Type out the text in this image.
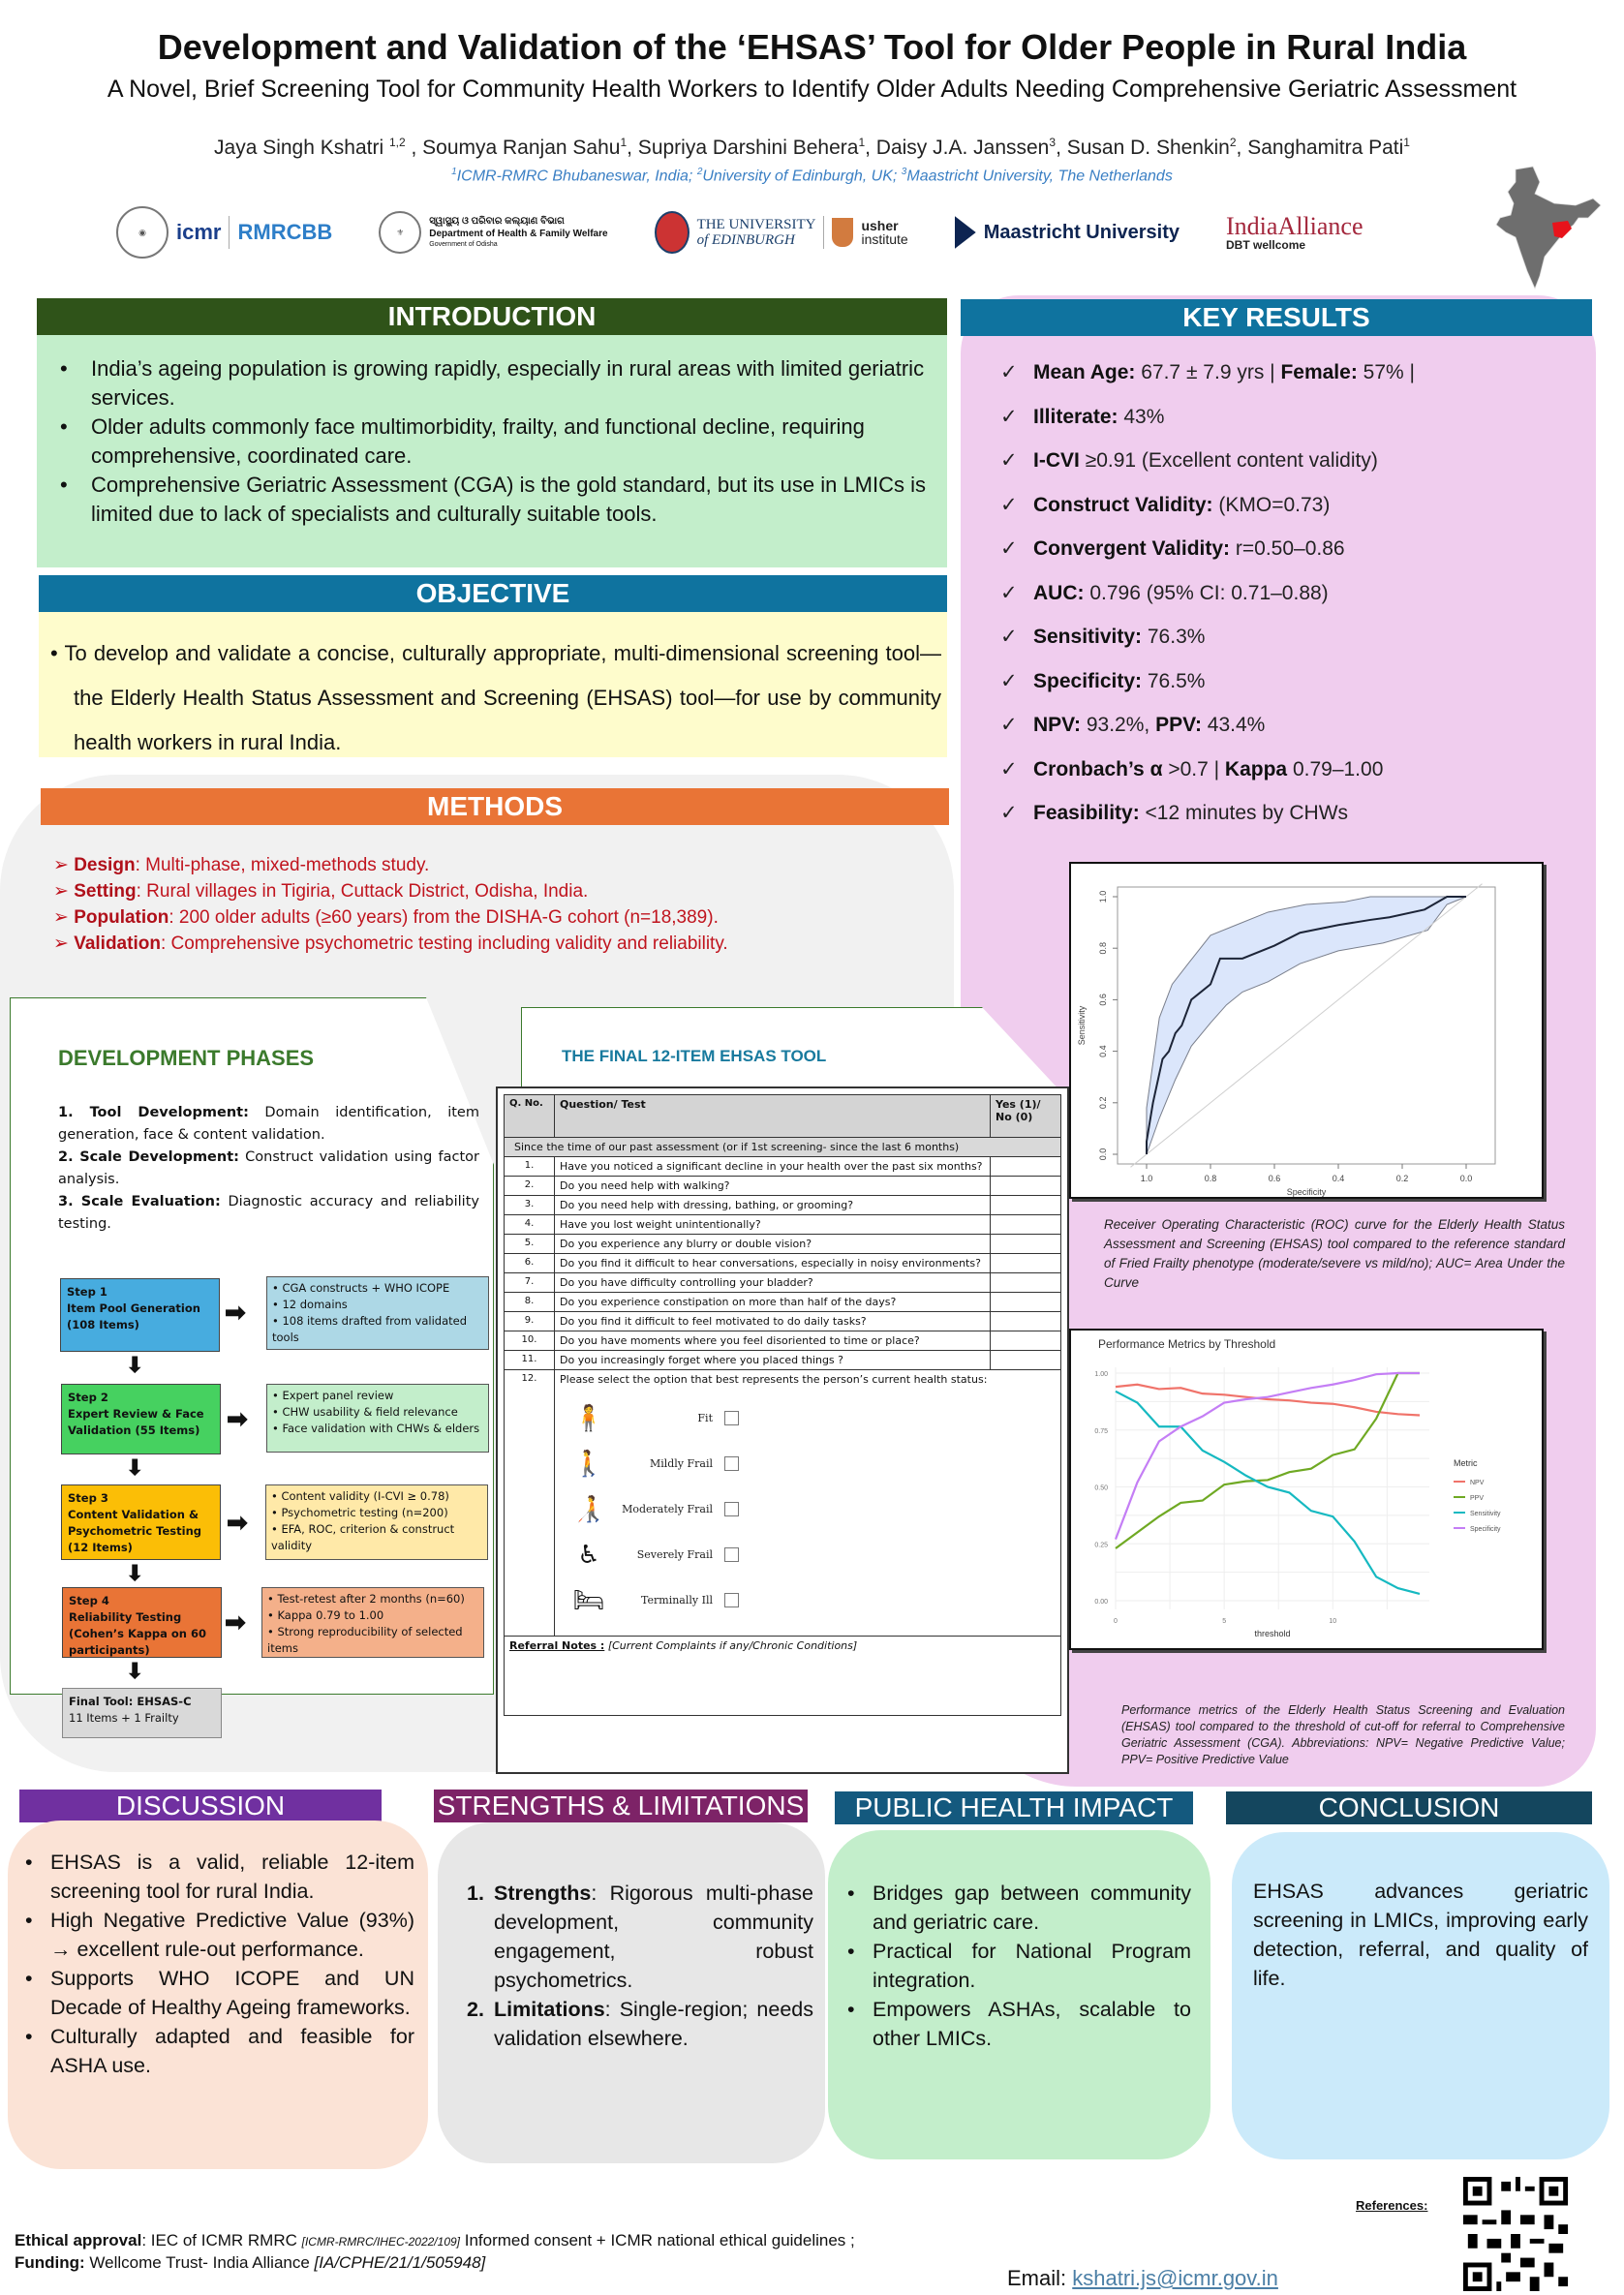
Development and Validation of the ‘EHSAS’ Tool for Older People in Rural India
A Novel, Brief Screening Tool for Community Health Workers to Identify Older Adults Needing Comprehensive Geriatric Assessment
Jaya Singh Kshatri $^{1,2}$ , Soumya Ranjan Sahu$^1$, Supriya Darshini Behera$^1$, Daisy J.A. Janssen$^3$, Susan D. Shenkin$^2$, Sanghamitra Pati$^1$
$^1$ICMR-RMRC Bhubaneswar, India; $^2$University of Edinburgh, UK; $^3$Maastricht University, The Netherlands
◉	icmr RMRCBB	⚜
ସ୍ୱାସ୍ଥ୍ୟ ଓ ପରିବାର କଲ୍ୟାଣ ବିଭାଗ
Department of Health & Family Welfare
Government of Odisha
THE UNIVERSITY
of EDINBURGH
usher
institute	Maastricht University IndiaAlliance
DBT wellcome
INTRODUCTION
• India’s ageing population is growing rapidly, especially in rural areas with limited geriatric services.
• Older adults commonly face multimorbidity, frailty, and functional decline, requiring comprehensive, coordinated care.
• Comprehensive Geriatric Assessment (CGA) is the gold standard, but its use in LMICs is limited due to lack of specialists and culturally suitable tools.
OBJECTIVE

• To develop and validate a concise, culturally appropriate, multi-dimensional screening tool—the Elderly Health Status Assessment and Screening (EHSAS) tool—for use by community health workers in rural India.

KEY RESULTS
✓ Mean Age: 67.7 ± 7.9 yrs | Female: 57% |
✓ Illiterate: 43%
✓ I-CVI ≥0.91 (Excellent content validity)
✓ Construct Validity: (KMO=0.73)
✓ Convergent Validity: r=0.50–0.86
✓ AUC: 0.796 (95% CI: 0.71–0.88)
✓ Sensitivity: 76.3%
✓ Specificity: 76.5%
✓ NPV: 93.2%, PPV: 43.4%
✓ Cronbach’s α >0.7 | Kappa 0.79–1.00
✓ Feasibility: <12 minutes by CHWs
1.0	0.8	0.6	0.4	0.2	0.0
0.0
0.2
0.4
0.6
0.8
1.0
Specificity
Sensitivity
Receiver Operating Characteristic (ROC) curve for the Elderly Health Status Assessment and Screening (EHSAS) tool compared to the reference standard of Fried Frailty phenotype (moderate/severe vs mild/no); AUC= Area Under the Curve
Performance Metrics by Threshold
0.00
0.25
0.50
0.75
1.00
0	5	10
threshold
Metric
NPV
PPV
Sensitivity
Specificity
Performance metrics of the Elderly Health Status Screening and Evaluation (EHSAS) tool compared to the threshold of cut-off for referral to Comprehensive Geriatric Assessment (CGA). Abbreviations: NPV= Negative Predictive Value; PPV= Positive Predictive Value
METHODS
➢ Design: Multi-phase, mixed-methods study.
➢ Setting: Rural villages in Tigiria, Cuttack District, Odisha, India.
➢ Population: 200 older adults (≥60 years) from the DISHA-G cohort (n=18,389).
➢ Validation: Comprehensive psychometric testing including validity and reliability.
DEVELOPMENT PHASES
1. Tool Development: Domain identification, item generation, face & content validation.
2. Scale Development: Construct validation using factor analysis.
3. Scale Evaluation: Diagnostic accuracy and reliability testing.
Step 1
Item Pool Generation (108 Items)	➡
• CGA constructs + WHO ICOPE
• 12 domains
• 108 items drafted from validated tools
⬇
Step 2
Expert Review & Face Validation (55 Items)	➡
• Expert panel review
• CHW usability & field relevance
• Face validation with CHWs & elders
⬇
Step 3
Content Validation & Psychometric Testing (12 Items)
➡
• Content validity (I-CVI ≥ 0.78)
• Psychometric testing (n=200)
• EFA, ROC, criterion & construct validity
⬇
Step 4
Reliability Testing (Cohen’s Kappa on 60 participants)
➡
• Test-retest after 2 months (n=60)
• Kappa 0.79 to 1.00
• Strong reproducibility of selected items
⬇
Final Tool: EHSAS-C
11 Items + 1 Frailty
THE FINAL 12-ITEM EHSAS TOOL
Q. No.	Question/ Test	Yes (1)/ No (0)
Since the time of our past assessment (or if 1st screening- since the last 6 months)		
1.	Have you noticed a significant decline in your health over the past six months?	
2.	Do you need help with walking?	
3.	Do you need help with dressing, bathing, or grooming?	
4.	Have you lost weight unintentionally?	
5.	Do you experience any blurry or double vision?	
6.	Do you find it difficult to hear conversations, especially in noisy environments?	
7.	Do you have difficulty controlling your bladder?	
8.	Do you experience constipation on more than half of the days?	
9.	Do you find it difficult to feel motivated to do daily tasks?	
10.	Do you have moments where you feel disoriented to time or place?	
11.	Do you increasingly forget where you placed things ?	
12.	Please select the option that best represents the person’s current health status:
🧍	Fit
🚶	Mildly Frail
🧑‍🦯	Moderately Frail
♿	Severely Frail
🛏	Terminally Ill

Referral Notes : [Current Complaints if any/Chronic Conditions]		
DISCUSSION
• EHSAS is a valid, reliable 12-item screening tool for rural India.
• High Negative Predictive Value (93%) → excellent rule-out performance.
• Supports WHO ICOPE and UN Decade of Healthy Ageing frameworks.
• Culturally adapted and feasible for ASHA use.
STRENGTHS & LIMITATIONS
1. Strengths: Rigorous multi-phase development, community engagement, robust psychometrics.
2. Limitations: Single-region; needs validation elsewhere.
PUBLIC HEALTH IMPACT
• Bridges gap between community and geriatric care.
• Practical for National Program integration.
• Empowers ASHAs, scalable to other LMICs.
CONCLUSION

EHSAS advances geriatric screening in LMICs, improving early detection, referral, and quality of life.

Ethical approval: IEC of ICMR RMRC [ICMR-RMRC/IHEC-2022/109] Informed consent + ICMR national ethical guidelines ;
Funding: Wellcome Trust- India Alliance [IA/CPHE/21/1/505948]
Email: kshatri.js@icmr.gov.in
References:
